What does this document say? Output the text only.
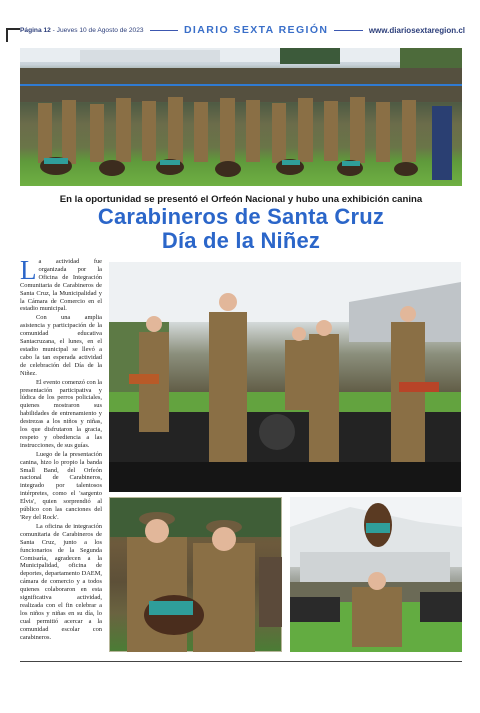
Página 12 - Jueves 10 de Agosto de 2023	DIARIO SEXTA REGIÓN	www.diariosextaregion.cl
En la oportunidad se presentó el Orfeón Nacional y hubo una exhibición canina
Carabineros de Santa Cruz
Día de la Niñez

La actividad fue organizada por la Oficina de Integración Comunitaria de Carabineros de Santa Cruz, la Municipalidad y la Cámara de Comercio en el estadio municipal.

Con una amplia asistencia y participación de la comunidad educativa Santacruzana, el lunes, en el estadio municipal se llevó a cabo la tan esperada actividad de celebración del Día de la Niñez.

El evento comenzó con la presentación participativa y lúdica de los perros policiales, quienes mostraron sus habilidades de entrenamiento y destrezas a los niños y niñas, los que disfrutaron la gracia, respeto y obediencia a las instrucciones, de sus guías.

Luego de la presentación canina, hizo lo propio la banda Small Band, del Orfeón nacional de Carabineros, integrado por talentosos intérpretes, como el 'sargento Elvis', quien sorprendió al público con las canciones del 'Rey del Rock'.

La oficina de integración comunitaria de Carabineros de Santa Cruz, junto a los funcionarios de la Segunda Comisaría, agradecen a la Municipalidad, oficina de deportes, departamento DAEM, cámara de comercio y a todos quienes colaboraron en esta significativa actividad, realizada con el fin celebrar a los niños y niñas en su día, lo cual permitió acercar a la comunidad escolar con carabineros.
